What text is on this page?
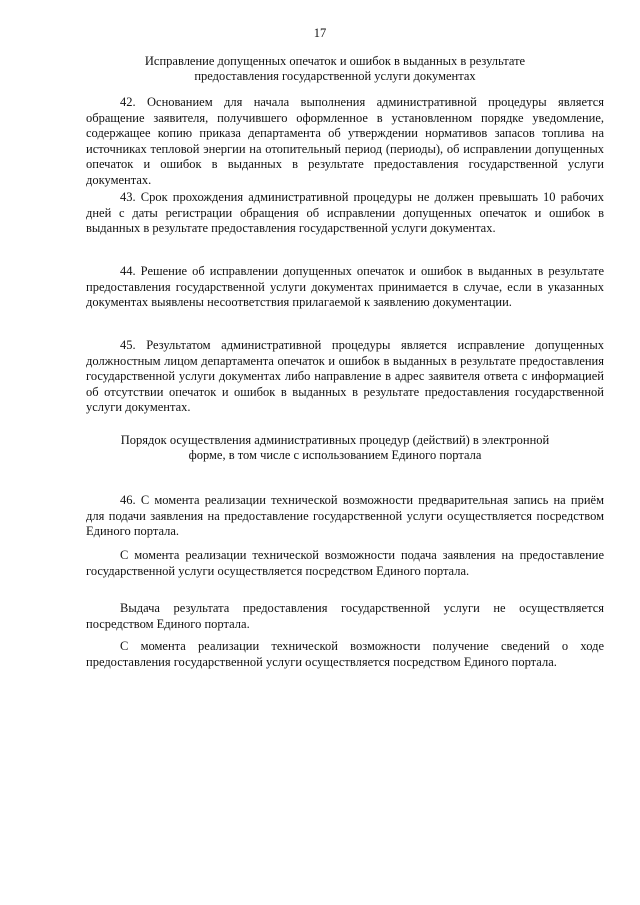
17
Исправление допущенных опечаток и ошибок в выданных в результате предоставления государственной услуги документах

42. Основанием для начала выполнения административной процедуры является обращение заявителя, получившего оформленное в установленном порядке уведомление, содержащее копию приказа департамента об утверждении нормативов запасов топлива на источниках тепловой энергии на отопительный период (периоды), об исправлении допущенных опечаток и ошибок в выданных в результате предоставления государственной услуги документах.

43. Срок прохождения административной процедуры не должен превышать 10 рабочих дней с даты регистрации обращения об исправлении допущенных опечаток и ошибок в выданных в результате предоставления государственной услуги документах.

44. Решение об исправлении допущенных опечаток и ошибок в выданных в результате предоставления государственной услуги документах принимается в случае, если в указанных документах выявлены несоответствия прилагаемой к заявлению документации.

45. Результатом административной процедуры является исправление допущенных должностным лицом департамента опечаток и ошибок в выданных в результате предоставления государственной услуги документах либо направление в адрес заявителя ответа с информацией об отсутствии опечаток и ошибок в выданных в результате предоставления государственной услуги документах.

Порядок осуществления административных процедур (действий) в электронной форме, в том числе с использованием Единого портала

46. С момента реализации технической возможности предварительная запись на приём для подачи заявления на предоставление государственной услуги осуществляется посредством Единого портала.

С момента реализации технической возможности подача заявления на предоставление государственной услуги осуществляется посредством Единого портала.

Выдача результата предоставления государственной услуги не осуществляется посредством Единого портала.

С момента реализации технической возможности получение сведений о ходе предоставления государственной услуги осуществляется посредством Единого портала.
